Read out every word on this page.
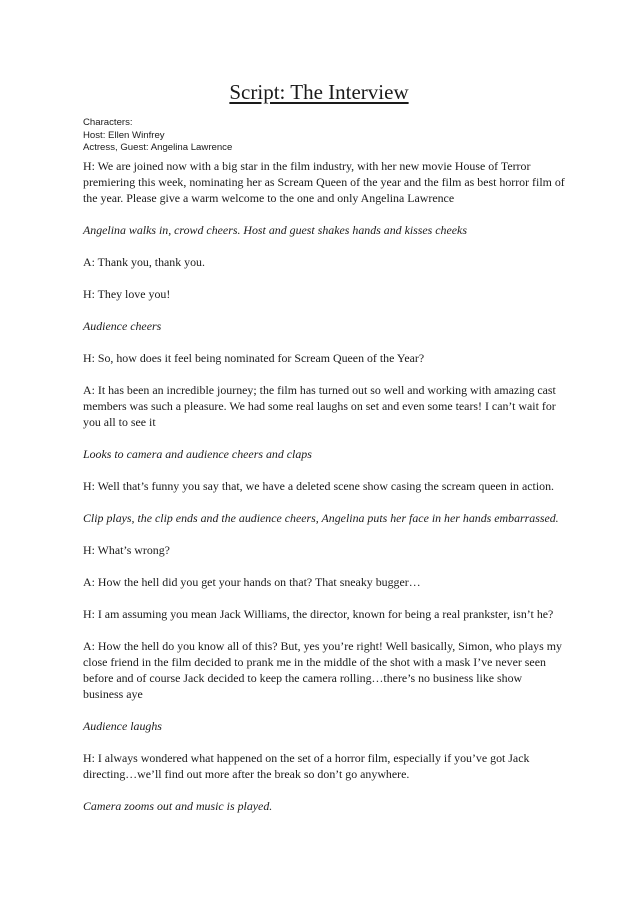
Script: The Interview
Characters:
Host: Ellen Winfrey
Actress, Guest: Angelina Lawrence

H: We are joined now with a big star in the film industry, with her new movie House of Terror premiering this week, nominating her as Scream Queen of the year and the film as best horror film of the year. Please give a warm welcome to the one and only Angelina Lawrence

Angelina walks in, crowd cheers. Host and guest shakes hands and kisses cheeks

A: Thank you, thank you.

H: They love you!

Audience cheers

H: So, how does it feel being nominated for Scream Queen of the Year?

A: It has been an incredible journey; the film has turned out so well and working with amazing cast members was such a pleasure. We had some real laughs on set and even some tears! I can’t wait for you all to see it

Looks to camera and audience cheers and claps

H: Well that’s funny you say that, we have a deleted scene show casing the scream queen in action.

Clip plays, the clip ends and the audience cheers, Angelina puts her face in her hands embarrassed.

H: What’s wrong?

A: How the hell did you get your hands on that? That sneaky bugger…

H: I am assuming you mean Jack Williams, the director, known for being a real prankster, isn’t he?

A: How the hell do you know all of this? But, yes you’re right! Well basically, Simon, who plays my close friend in the film decided to prank me in the middle of the shot with a mask I’ve never seen before and of course Jack decided to keep the camera rolling…there’s no business like show business aye

Audience laughs

H: I always wondered what happened on the set of a horror film, especially if you’ve got Jack directing…we’ll find out more after the break so don’t go anywhere.

Camera zooms out and music is played.
